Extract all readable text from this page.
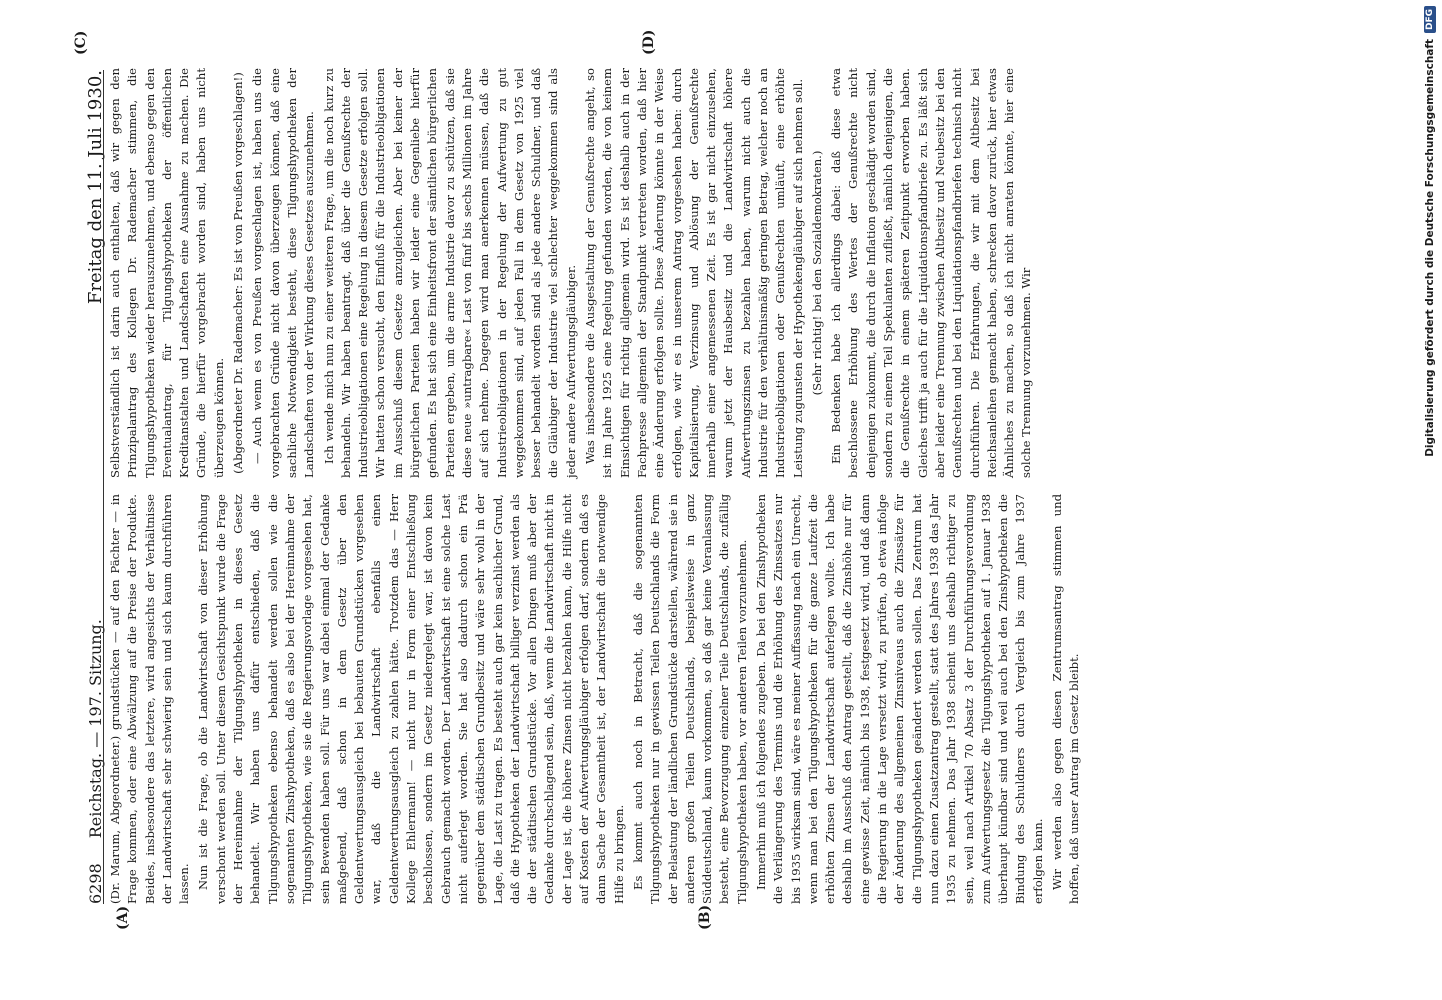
6298
Reichstag. — 197. Sitzung.
Freitag den 11. Juli 1930.
(A)	(B)
(C)	(D)

(Dr. Marum, Abgeordneter.) grundstücken — auf den Pächter — in Frage kommen, oder eine Abwälzung auf die Preise der Produkte. Beides, insbesondere das letztere, wird angesichts der Verhältnisse der Landwirtschaft sehr schwierig sein und sich kaum durchführen lassen. Nun ist die Frage, ob die Landwirtschaft von dieser Erhöhung verschont werden soll. Unter diesem Gesichtspunkt wurde die Frage der Hereinnahme der Tilgungshypotheken in dieses Gesetz behandelt. Wir haben uns dafür entschieden, daß die Tilgungshypotheken ebenso behandelt werden sollen wie die sogenannten Zinshypotheken, daß es also bei der Hereinnahme der Tilgungshypotheken, wie sie die Regierungsvorlage vorgesehen hat, sein Bewenden haben soll. Für uns war dabei einmal der Gedanke maßgebend, daß schon in dem Gesetz über den Geldentwertungsausgleich bei bebauten Grundstücken vorgesehen war, daß die Landwirtschaft ebenfalls einen Geldentwertungsausgleich zu zahlen hätte. Trotzdem das — Herr Kollege Ehlermann! — nicht nur in Form einer Entschließung beschlossen, sondern im Gesetz niedergelegt war, ist davon kein Gebrauch gemacht worden. Der Landwirtschaft ist eine solche Last nicht auferlegt worden. Sie hat also dadurch schon ein Prä gegenüber dem städtischen Grundbesitz und wäre sehr wohl in der Lage, die Last zu tragen. Es besteht auch gar kein sachlicher Grund, daß die Hypotheken der Landwirtschaft billiger verzinst werden als die der städtischen Grundstücke. Vor allen Dingen muß aber der Gedanke durchschlagend sein, daß, wenn die Landwirtschaft nicht in der Lage ist, die höhere Zinsen nicht bezahlen kann, die Hilfe nicht auf Kosten der Aufwertungsgläubiger erfolgen darf, sondern daß es dann Sache der Gesamtheit ist, der Landwirtschaft die notwendige Hilfe zu bringen. Es kommt auch noch in Betracht, daß die sogenannten Tilgungshypotheken nur in gewissen Teilen Deutschlands die Form der Belastung der ländlichen Grundstücke darstellen, während sie in anderen großen Teilen Deutschlands, beispielsweise in ganz Süddeutschland, kaum vorkommen, so daß gar keine Veranlassung besteht, eine Bevorzugung einzelner Teile Deutschlands, die zufällig Tilgungshypotheken haben, vor anderen Teilen vorzunehmen. Immerhin muß ich folgendes zugeben. Da bei den Zinshypotheken die Verlängerung des Termins und die Erhöhung des Zinssatzes nur bis 1935 wirksam sind, wäre es meiner Auffassung nach ein Unrecht, wenn man bei den Tilgungshypotheken für die ganze Laufzeit die erhöhten Zinsen der Landwirtschaft auferlegen wollte. Ich habe deshalb im Ausschuß den Antrag gestellt, daß die Zinshöhe nur für eine gewisse Zeit, nämlich bis 1938, festgesetzt wird, und daß dann die Regierung in die Lage versetzt wird, zu prüfen, ob etwa infolge der Änderung des allgemeinen Zinsniveaus auch die Zinssätze für die Tilgungshypotheken geändert werden sollen. Das Zentrum hat nun dazu einen Zusatzantrag gestellt, statt des Jahres 1938 das Jahr 1935 zu nehmen. Das Jahr 1938 scheint uns deshalb richtiger zu sein, weil nach Artikel 70 Absatz 3 der Durchführungsverordnung zum Aufwertungsgesetz die Tilgungshypotheken auf 1. Januar 1938 überhaupt kündbar sind und weil auch bei den Zinshypotheken die Bindung des Schuldners durch Vergleich bis zum Jahre 1937 erfolgen kann. Wir werden also gegen diesen Zentrumsantrag stimmen und hoffen, daß unser Antrag im Gesetz bleibt.

Selbstverständlich ist darin auch enthalten, daß wir gegen den Prinzipalantrag des Kollegen Dr. Rademacher stimmen, die Tilgungshypotheken wieder herauszunehmen, und ebenso gegen den Eventualantrag, für Tilgungshypotheken der öffentlichen Kreditanstalten und Landschaften eine Ausnahme zu machen. Die Gründe, die hierfür vorgebracht worden sind, haben uns nicht überzeugen können. (Abgeordneter Dr. Rademacher: Es ist von Preußen vorgeschlagen!) — Auch wenn es von Preußen vorgeschlagen ist, haben uns die vorgebrachten Gründe nicht davon überzeugen können, daß eine sachliche Notwendigkeit besteht, diese Tilgungshypotheken der Landschaften von der Wirkung dieses Gesetzes auszunehmen. Ich wende mich nun zu einer weiteren Frage, um die noch kurz zu behandeln. Wir haben beantragt, daß über die Genußrechte der Industrieobligationen eine Regelung in diesem Gesetze erfolgen soll. Wir hatten schon versucht, den Einfluß für die Industrieobligationen im Ausschuß diesem Gesetze anzugleichen. Aber bei keiner der bürgerlichen Parteien haben wir leider eine Gegenliebe hierfür gefunden. Es hat sich eine Einheitsfront der sämtlichen bürgerlichen Parteien ergeben, um die arme Industrie davor zu schützen, daß sie diese neue »untragbare« Last von fünf bis sechs Millionen im Jahre auf sich nehme. Dagegen wird man anerkennen müssen, daß die Industrieobligationen in der Regelung der Aufwertung zu gut weggekommen sind, auf jeden Fall in dem Gesetz von 1925 viel besser behandelt worden sind als jede andere Schuldner, und daß die Gläubiger der Industrie viel schlechter weggekommen sind als jeder andere Aufwertungsgläubiger. Was insbesondere die Ausgestaltung der Genußrechte angeht, so ist im Jahre 1925 eine Regelung gefunden worden, die von keinem Einsichtigen für richtig allgemein wird. Es ist deshalb auch in der Fachpresse allgemein der Standpunkt vertreten worden, daß hier eine Änderung erfolgen sollte. Diese Änderung könnte in der Weise erfolgen, wie wir es in unserem Antrag vorgesehen haben: durch Kapitalisierung, Verzinsung und Ablösung der Genußrechte innerhalb einer angemessenen Zeit. Es ist gar nicht einzusehen, warum jetzt der Hausbesitz und die Landwirtschaft höhere Aufwertungszinsen zu bezahlen haben, warum nicht auch die Industrie für den verhältnismäßig geringen Betrag, welcher noch an Industrieobligationen oder Genußrechten umläuft, eine erhöhte Leistung zugunsten der Hypothekengläubiger auf sich nehmen soll. (Sehr richtig! bei den Sozialdemokraten.) Ein Bedenken habe ich allerdings dabei: daß diese etwa beschlossene Erhöhung des Wertes der Genußrechte nicht denjenigen zukommt, die durch die Inflation geschädigt worden sind, sondern zu einem Teil Spekulanten zufließt, nämlich denjenigen, die die Genußrechte in einem späteren Zeitpunkt erworben haben. Gleiches trifft ja auch für die Liquidationspfandbriefe zu. Es läßt sich aber leider eine Trennung zwischen Altbesitz und Neubesitz bei den Genußrechten und bei den Liquidationspfandbriefen technisch nicht durchführen. Die Erfahrungen, die wir mit dem Altbesitz bei Reichsanleihen gemacht haben, schrecken davor zurück, hier etwas Ähnliches zu machen, so daß ich nicht anraten könnte, hier eine solche Trennung vorzunehmen. Wir	Digitalisierung gefördert durch die Deutsche Forschungsgemeinschaft
DFG
